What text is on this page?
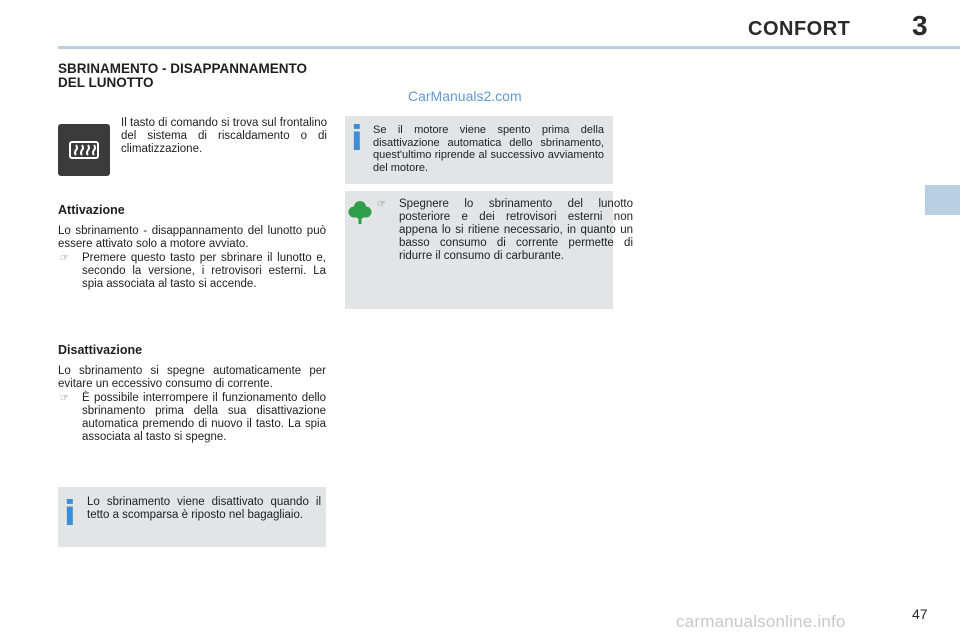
CONFORT 3
SBRINAMENTO - DISAPPANNAMENTO DEL LUNOTTO
CarManuals2.com
Il tasto di comando si trova sul frontalino del sistema di riscaldamento o di climatizzazione.
Attivazione
Lo sbrinamento - disappannamento del lunotto può essere attivato solo a motore avviato.
☞ Premere questo tasto per sbrinare il lunotto e, secondo la versione, i retrovisori esterni. La spia associata al tasto si accende.
Disattivazione
Lo sbrinamento si spegne automaticamente per evitare un eccessivo consumo di corrente.
☞ È possibile interrompere il funzionamento dello sbrinamento prima della sua disattivazione automatica premendo di nuovo il tasto. La spia associata al tasto si spegne.
i Lo sbrinamento viene disattivato quando il tetto a scomparsa è riposto nel bagagliaio.
i Se il motore viene spento prima della disattivazione automatica dello sbrinamento, quest'ultimo riprende al successivo avviamento del motore.
☞ Spegnere lo sbrinamento del lunotto posteriore e dei retrovisori esterni non appena lo si ritiene necessario, in quanto un basso consumo di corrente permette di ridurre il consumo di carburante.
carmanualsonline.info	47
